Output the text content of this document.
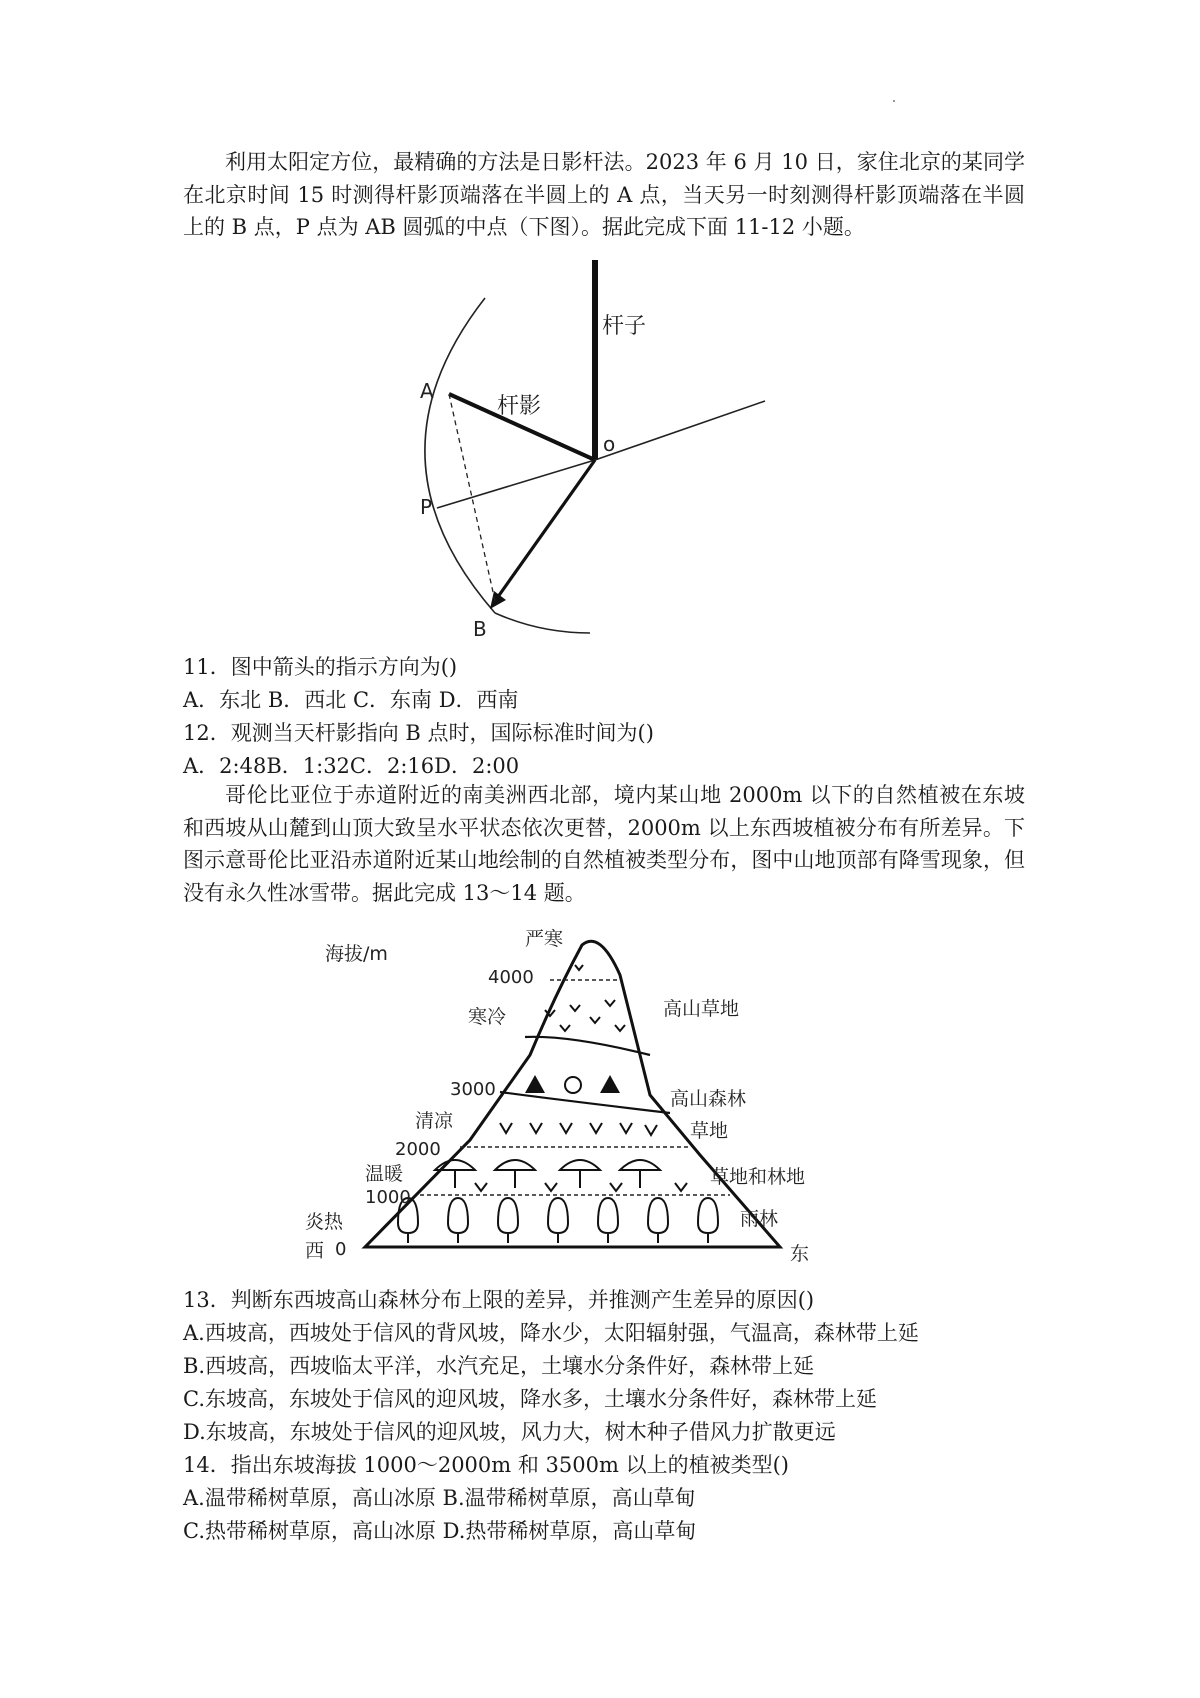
利用太阳定方位，最精确的方法是日影杆法。2023 年 6 月 10 日，家住北京的某同学在北京时间 15 时测得杆影顶端落在半圆上的 A 点，当天另一时刻测得杆影顶端落在半圆上的 B 点，P 点为 AB 圆弧的中点（下图）。据此完成下面 11-12 小题。

杆子
杆影
o
A
P
B

11．图中箭头的指示方向为()

A．东北 B．西北 C．东南 D．西南

12．观测当天杆影指向 B 点时，国际标准时间为()

A．2:48B．1:32C．2:16D．2:00

哥伦比亚位于赤道附近的南美洲西北部，境内某山地 2000m 以下的自然植被在东坡和西坡从山麓到山顶大致呈水平状态依次更替，2000m 以上东西坡植被分布有所差异。下图示意哥伦比亚沿赤道附近某山地绘制的自然植被类型分布，图中山地顶部有降雪现象，但没有永久性冰雪带。据此完成 13～14 题。

海拔/m
西	东
0
1000
2000
3000
4000
炎热
温暖
清凉
寒冷
严寒
雨林
草地和林地
草地
高山森林
高山草地

13．判断东西坡高山森林分布上限的差异，并推测产生差异的原因()

A.西坡高，西坡处于信风的背风坡，降水少，太阳辐射强，气温高，森林带上延

B.西坡高，西坡临太平洋，水汽充足，土壤水分条件好，森林带上延

C.东坡高，东坡处于信风的迎风坡，降水多，土壤水分条件好，森林带上延

D.东坡高，东坡处于信风的迎风坡，风力大，树木种子借风力扩散更远

14．指出东坡海拔 1000～2000m 和 3500m 以上的植被类型()

A.温带稀树草原，高山冰原 B.温带稀树草原，高山草甸

C.热带稀树草原，高山冰原 D.热带稀树草原，高山草甸
